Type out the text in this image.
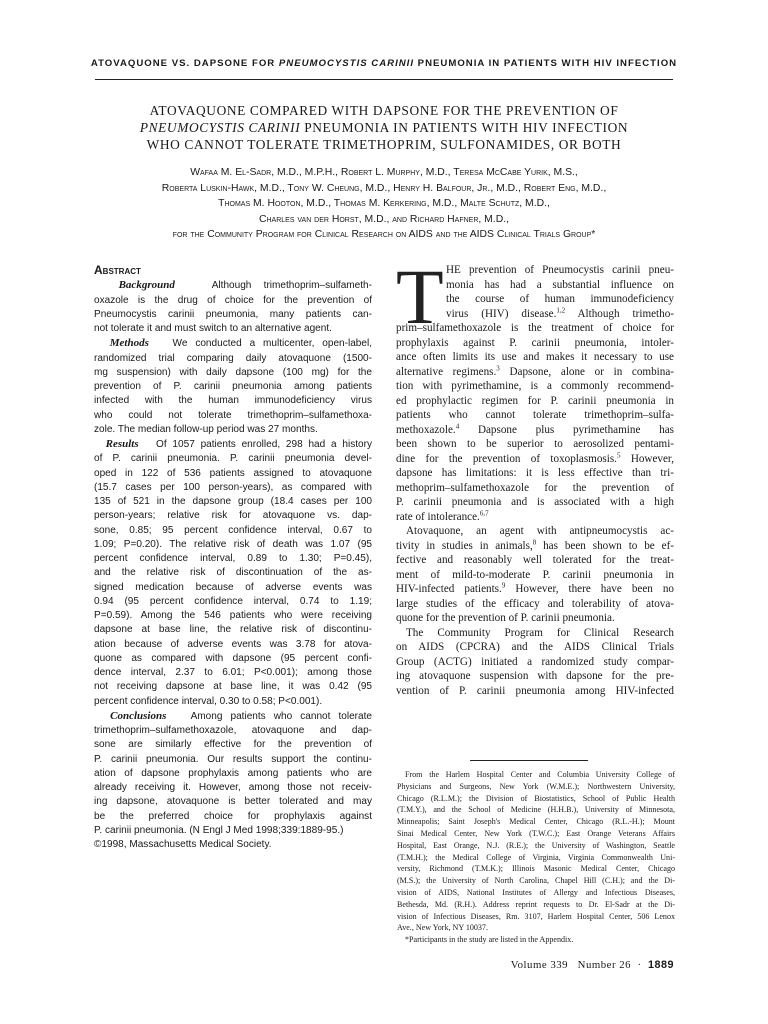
ATOVAQUONE VS. DAPSONE FOR PNEUMOCYSTIS CARINII PNEUMONIA IN PATIENTS WITH HIV INFECTION
ATOVAQUONE COMPARED WITH DAPSONE FOR THE PREVENTION OF
PNEUMOCYSTIS CARINII PNEUMONIA IN PATIENTS WITH HIV INFECTION
WHO CANNOT TOLERATE TRIMETHOPRIM, SULFONAMIDES, OR BOTH
Wafaa M. El-Sadr, M.D., M.P.H., Robert L. Murphy, M.D., Teresa McCabe Yurik, M.S.,
Roberta Luskin-Hawk, M.D., Tony W. Cheung, M.D., Henry H. Balfour, Jr., M.D., Robert Eng, M.D.,
Thomas M. Hooton, M.D., Thomas M. Kerkering, M.D., Malte Schutz, M.D.,
Charles van der Horst, M.D., and Richard Hafner, M.D.,
for the Community Program for Clinical Research on AIDS and the AIDS Clinical Trials Group*
Abstract
Background	Although trimethoprim–sulfameth-
oxazole is the drug of choice for the prevention of
Pneumocystis carinii pneumonia, many patients can-
not tolerate it and must switch to an alternative agent.
Methods We conducted a multicenter, open-label,
randomized trial comparing daily atovaquone (1500-
mg suspension) with daily dapsone (100 mg) for the
prevention of P. carinii pneumonia among patients
infected with the human immunodeficiency virus
who could not tolerate trimethoprim–sulfamethoxa-
zole. The median follow-up period was 27 months.
Results Of 1057 patients enrolled, 298 had a history
of P. carinii pneumonia. P. carinii pneumonia devel-
oped in 122 of 536 patients assigned to atovaquone
(15.7 cases per 100 person-years), as compared with
135 of 521 in the dapsone group (18.4 cases per 100
person-years; relative risk for atovaquone vs. dap-
sone, 0.85; 95 percent confidence interval, 0.67 to
1.09; P=0.20). The relative risk of death was 1.07 (95
percent confidence interval, 0.89 to 1.30; P=0.45),
and the relative risk of discontinuation of the as-
signed medication because of adverse events was
0.94 (95 percent confidence interval, 0.74 to 1.19;
P=0.59). Among the 546 patients who were receiving
dapsone at base line, the relative risk of discontinu-
ation because of adverse events was 3.78 for atova-
quone as compared with dapsone (95 percent confi-
dence interval, 2.37 to 6.01; P<0.001); among those
not receiving dapsone at base line, it was 0.42 (95
percent confidence interval, 0.30 to 0.58; P<0.001).
Conclusions Among patients who cannot tolerate
trimethoprim–sulfamethoxazole, atovaquone and dap-
sone are similarly effective for the prevention of
P. carinii pneumonia. Our results support the continu-
ation of dapsone prophylaxis among patients who are
already receiving it. However, among those not receiv-
ing dapsone, atovaquone is better tolerated and may
be the preferred choice for prophylaxis against
P. carinii pneumonia. (N Engl J Med 1998;339:1889-95.)
©1998, Massachusetts Medical Society.
T HE prevention of Pneumocystis carinii pneu-
monia has had a substantial influence on
the course of human immunodeficiency
virus (HIV) disease.$^{1,2}$ Although trimetho-
prim–sulfamethoxazole is the treatment of choice for
prophylaxis against P. carinii pneumonia, intoler-
ance often limits its use and makes it necessary to use
alternative regimens.$^3$ Dapsone, alone or in combina-
tion with pyrimethamine, is a commonly recommend-
ed prophylactic regimen for P. carinii pneumonia in
patients who cannot tolerate trimethoprim–sulfa-
methoxazole.$^4$ Dapsone plus pyrimethamine has
been shown to be superior to aerosolized pentami-
dine for the prevention of toxoplasmosis.$^5$ However,
dapsone has limitations: it is less effective than tri-
methoprim–sulfamethoxazole for the prevention of
P. carinii pneumonia and is associated with a high
rate of intolerance.$^{6,7}$
Atovaquone, an agent with antipneumocystis ac-
tivity in studies in animals,$^8$ has been shown to be ef-
fective and reasonably well tolerated for the treat-
ment of mild-to-moderate P. carinii pneumonia in
HIV-infected patients.$^9$ However, there have been no
large studies of the efficacy and tolerability of atova-
quone for the prevention of P. carinii pneumonia.
The Community Program for Clinical Research
on AIDS (CPCRA) and the AIDS Clinical Trials
Group (ACTG) initiated a randomized study compar-
ing atovaquone suspension with dapsone for the pre-
vention of P. carinii pneumonia among HIV-infected
From the Harlem Hospital Center and Columbia University College of
Physicians and Surgeons, New York (W.M.E.); Northwestern University,
Chicago (R.L.M.); the Division of Biostatistics, School of Public Health
(T.M.Y.), and the School of Medicine (H.H.B.), University of Minnesota,
Minneapolis; Saint Joseph's Medical Center, Chicago (R.L.-H.); Mount
Sinai Medical Center, New York (T.W.C.); East Orange Veterans Affairs
Hospital, East Orange, N.J. (R.E.); the University of Washington, Seattle
(T.M.H.); the Medical College of Virginia, Virginia Commonwealth Uni-
versity, Richmond (T.M.K.); Illinois Masonic Medical Center, Chicago
(M.S.); the University of North Carolina, Chapel Hill (C.H.); and the Di-
vision of AIDS, National Institutes of Allergy and Infectious Diseases,
Bethesda, Md. (R.H.). Address reprint requests to Dr. El-Sadr at the Di-
vision of Infectious Diseases, Rm. 3107, Harlem Hospital Center, 506 Lenox
Ave., New York, NY 10037.
*Participants in the study are listed in the Appendix.
Volume 339 Number 26 · 1889
